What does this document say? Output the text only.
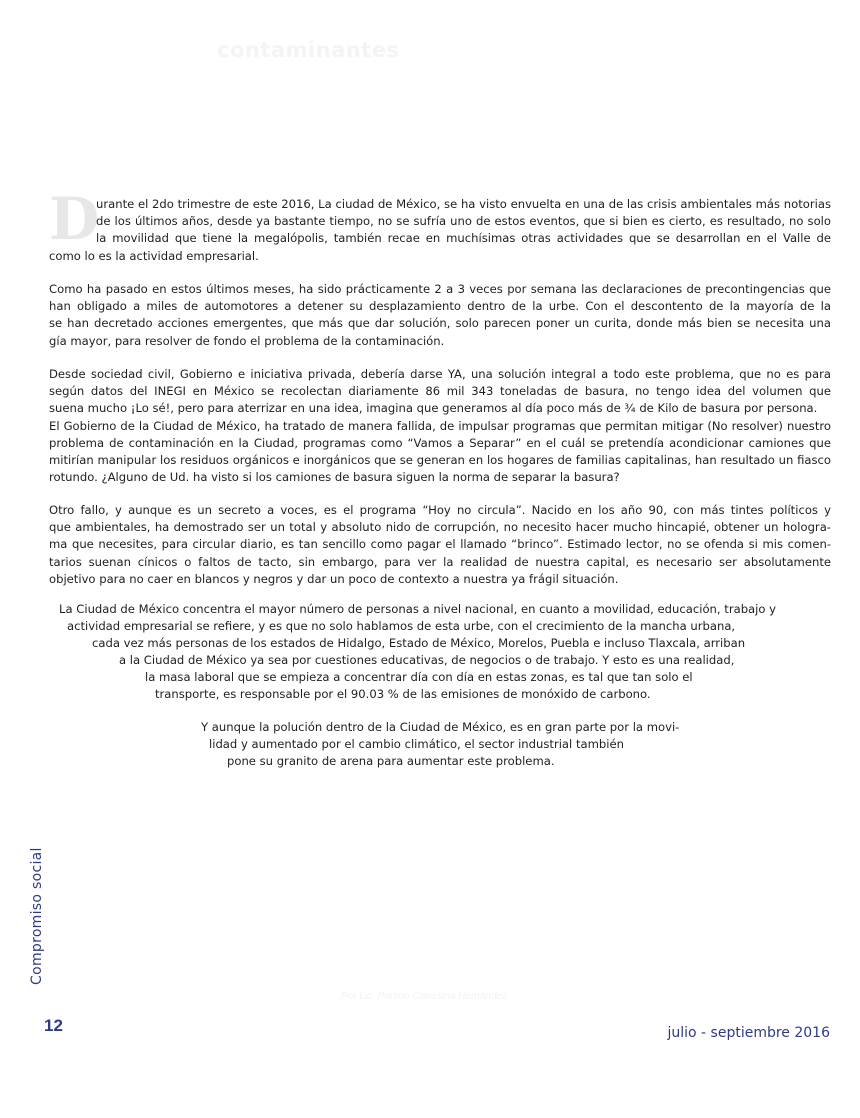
contaminantes
D
urante el 2do trimestre de este 2016, La ciudad de México, se ha visto envuelta en una de las crisis ambientales más notorias
de los últimos años, desde ya bastante tiempo, no se sufría uno de estos eventos, que si bien es cierto, es resultado, no solo
la movilidad que tiene la megalópolis, también recae en muchísimas otras actividades que se desarrollan en el Valle de
como lo es la actividad empresarial.
Como ha pasado en estos últimos meses, ha sido prácticamente 2 a 3 veces por semana las declaraciones de precontingencias que
han obligado a miles de automotores a detener su desplazamiento dentro de la urbe. Con el descontento de la mayoría de la
se han decretado acciones emergentes, que más que dar solución, solo parecen poner un curita, donde más bien se necesita una
gía mayor, para resolver de fondo el problema de la contaminación.
Desde sociedad civil, Gobierno e iniciativa privada, debería darse YA, una solución integral a todo este problema, que no es para
según datos del INEGI en México se recolectan diariamente 86 mil 343 toneladas de basura, no tengo idea del volumen que
suena mucho ¡Lo sé!, pero para aterrizar en una idea, imagina que generamos al día poco más de ¾ de Kilo de basura por persona.
El Gobierno de la Ciudad de México, ha tratado de manera fallida, de impulsar programas que permitan mitigar (No resolver) nuestro
problema de contaminación en la Ciudad, programas como “Vamos a Separar” en el cuál se pretendía acondicionar camiones que
mitirían manipular los residuos orgánicos e inorgánicos que se generan en los hogares de familias capitalinas, han resultado un fiasco
rotundo. ¿Alguno de Ud. ha visto si los camiones de basura siguen la norma de separar la basura?
Otro fallo, y aunque es un secreto a voces, es el programa “Hoy no circula”. Nacido en los año 90, con más tintes políticos y
que ambientales, ha demostrado ser un total y absoluto nido de corrupción, no necesito hacer mucho hincapié, obtener un hologra-
ma que necesites, para circular diario, es tan sencillo como pagar el llamado “brinco”. Estimado lector, no se ofenda si mis comen-
tarios suenan cínicos o faltos de tacto, sin embargo, para ver la realidad de nuestra capital, es necesario ser absolutamente
objetivo para no caer en blancos y negros y dar un poco de contexto a nuestra ya frágil situación.
La Ciudad de México concentra el mayor número de personas a nivel nacional, en cuanto a movilidad, educación, trabajo y
actividad empresarial se refiere, y es que no solo hablamos de esta urbe, con el crecimiento de la mancha urbana,
cada vez más personas de los estados de Hidalgo, Estado de México, Morelos, Puebla e incluso Tlaxcala, arriban
a la Ciudad de México ya sea por cuestiones educativas, de negocios o de trabajo. Y esto es una realidad,
la masa laboral que se empieza a concentrar día con día en estas zonas, es tal que tan solo el
transporte, es responsable por el 90.03 % de las emisiones de monóxido de carbono.
Y aunque la polución dentro de la Ciudad de México, es en gran parte por la movi-
lidad y aumentado por el cambio climático, el sector industrial también
pone su granito de arena para aumentar este problema.
Compromiso social
Por Lic. Porfirio Clavellina Hernández
12	julio - septiembre 2016
